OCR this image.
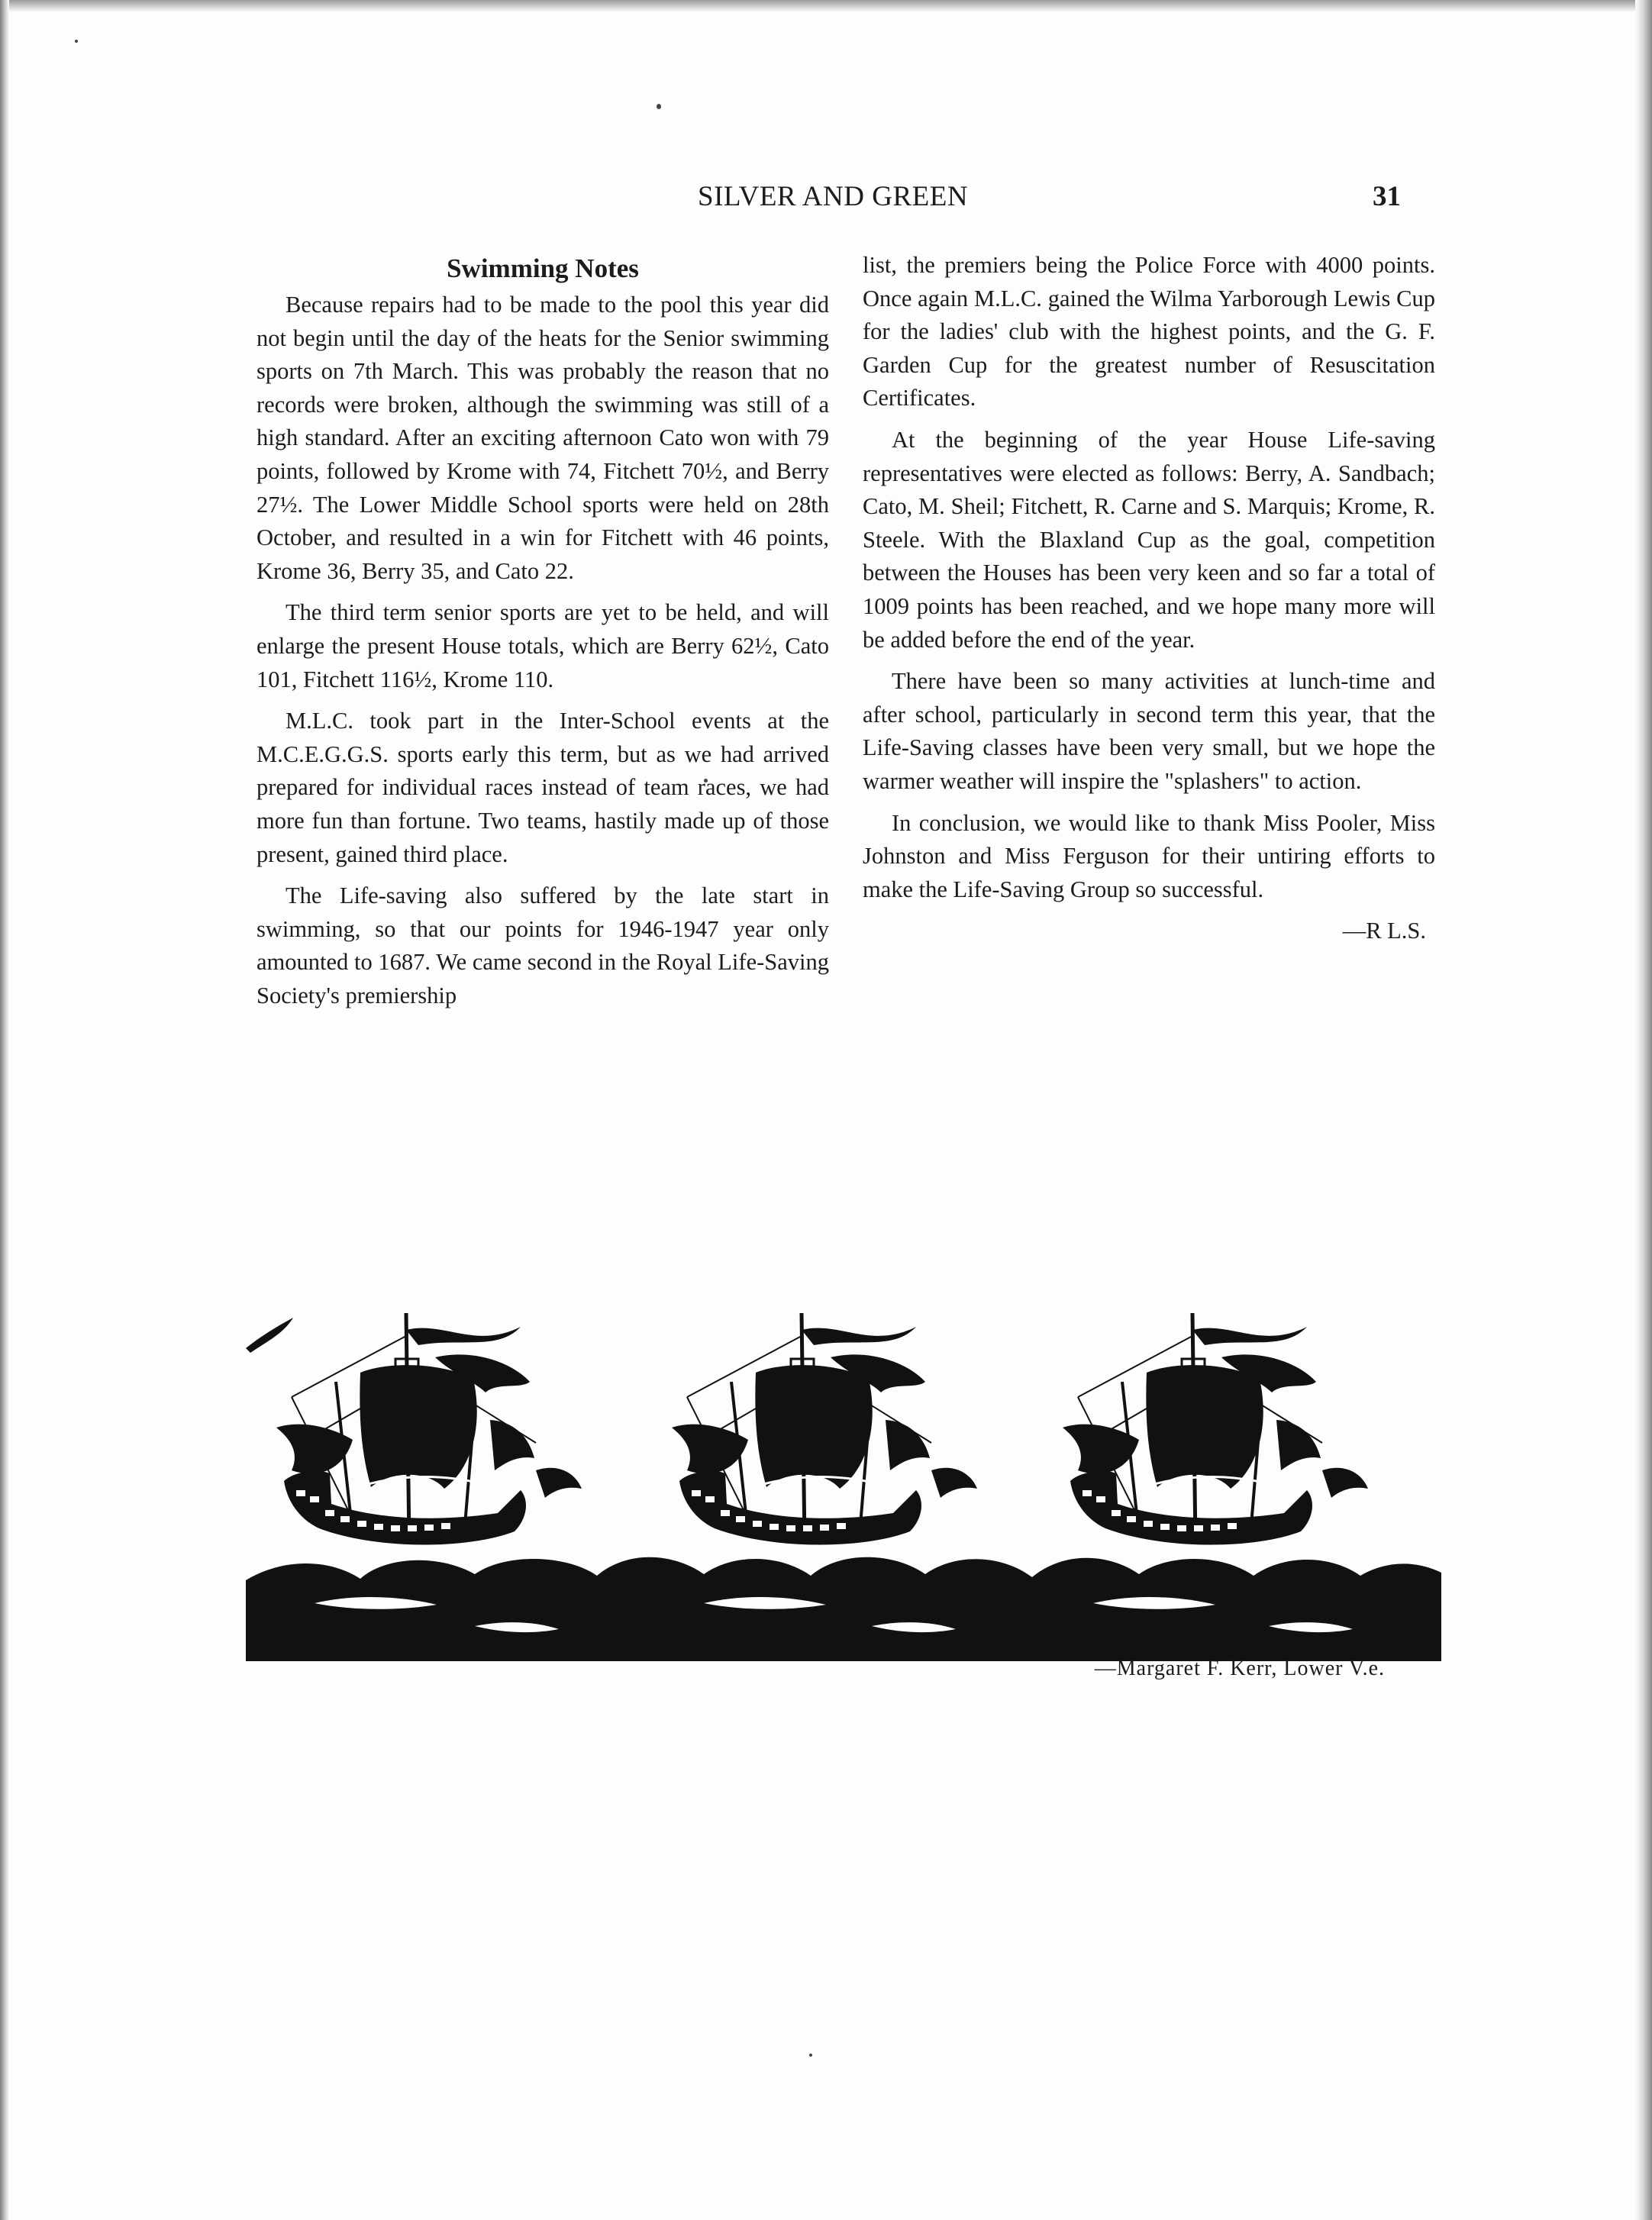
SILVER AND GREEN	31
Swimming Notes

Because repairs had to be made to the pool this year did not begin until the day of the heats for the Senior swimming sports on 7th March. This was probably the reason that no records were broken, although the swimming was still of a high standard. After an exciting afternoon Cato won with 79 points, followed by Krome with 74, Fitchett 70½, and Berry 27½. The Lower Middle School sports were held on 28th October, and resulted in a win for Fitchett with 46 points, Krome 36, Berry 35, and Cato 22.

The third term senior sports are yet to be held, and will enlarge the present House totals, which are Berry 62½, Cato 101, Fitchett 116½, Krome 110.

M.L.C. took part in the Inter-School events at the M.C.E.G.G.S. sports early this term, but as we had arrived prepared for individual races instead of team races, we had more fun than fortune. Two teams, hastily made up of those present, gained third place.

The Life-saving also suffered by the late start in swimming, so that our points for 1946-1947 year only amounted to 1687. We came second in the Royal Life-Saving Society's premiership

list, the premiers being the Police Force with 4000 points. Once again M.L.C. gained the Wilma Yarborough Lewis Cup for the ladies' club with the highest points, and the G. F. Garden Cup for the greatest number of Resuscitation Certificates.

At the beginning of the year House Life-saving representatives were elected as follows: Berry, A. Sandbach; Cato, M. Sheil; Fitchett, R. Carne and S. Marquis; Krome, R. Steele. With the Blaxland Cup as the goal, competition between the Houses has been very keen and so far a total of 1009 points has been reached, and we hope many more will be added before the end of the year.

There have been so many activities at lunch-time and after school, particularly in second term this year, that the Life-Saving classes have been very small, but we hope the warmer weather will inspire the "splashers" to action.

In conclusion, we would like to thank Miss Pooler, Miss Johnston and Miss Ferguson for their untiring efforts to make the Life-Saving Group so successful.

—R L.S.

—Margaret F. Kerr, Lower V.e.
